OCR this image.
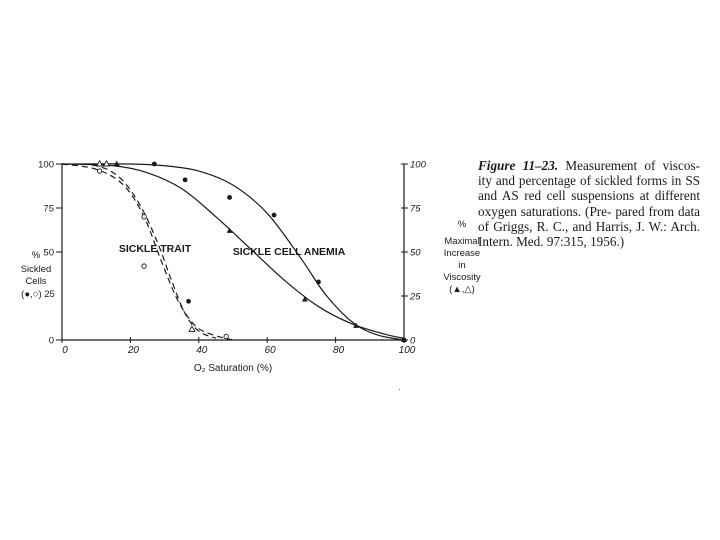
0	20	40	60	80	100
100
75
50
0
100
75
50
25
0
O₂ Saturation (%)
%
Sickled
Cells
(●,○) 25
%
Maximal
Increase
in
Viscosity
(▲,△)
SICKLE TRAIT	SICKLE CELL ANEMIA
Figure 11–23. Measurement of viscos- ity and percentage of sickled forms in SS and AS red cell suspensions at different oxygen saturations. (Pre- pared from data of Griggs, R. C., and Harris, J. W.: Arch. Intern. Med. 97:315, 1956.)
·
